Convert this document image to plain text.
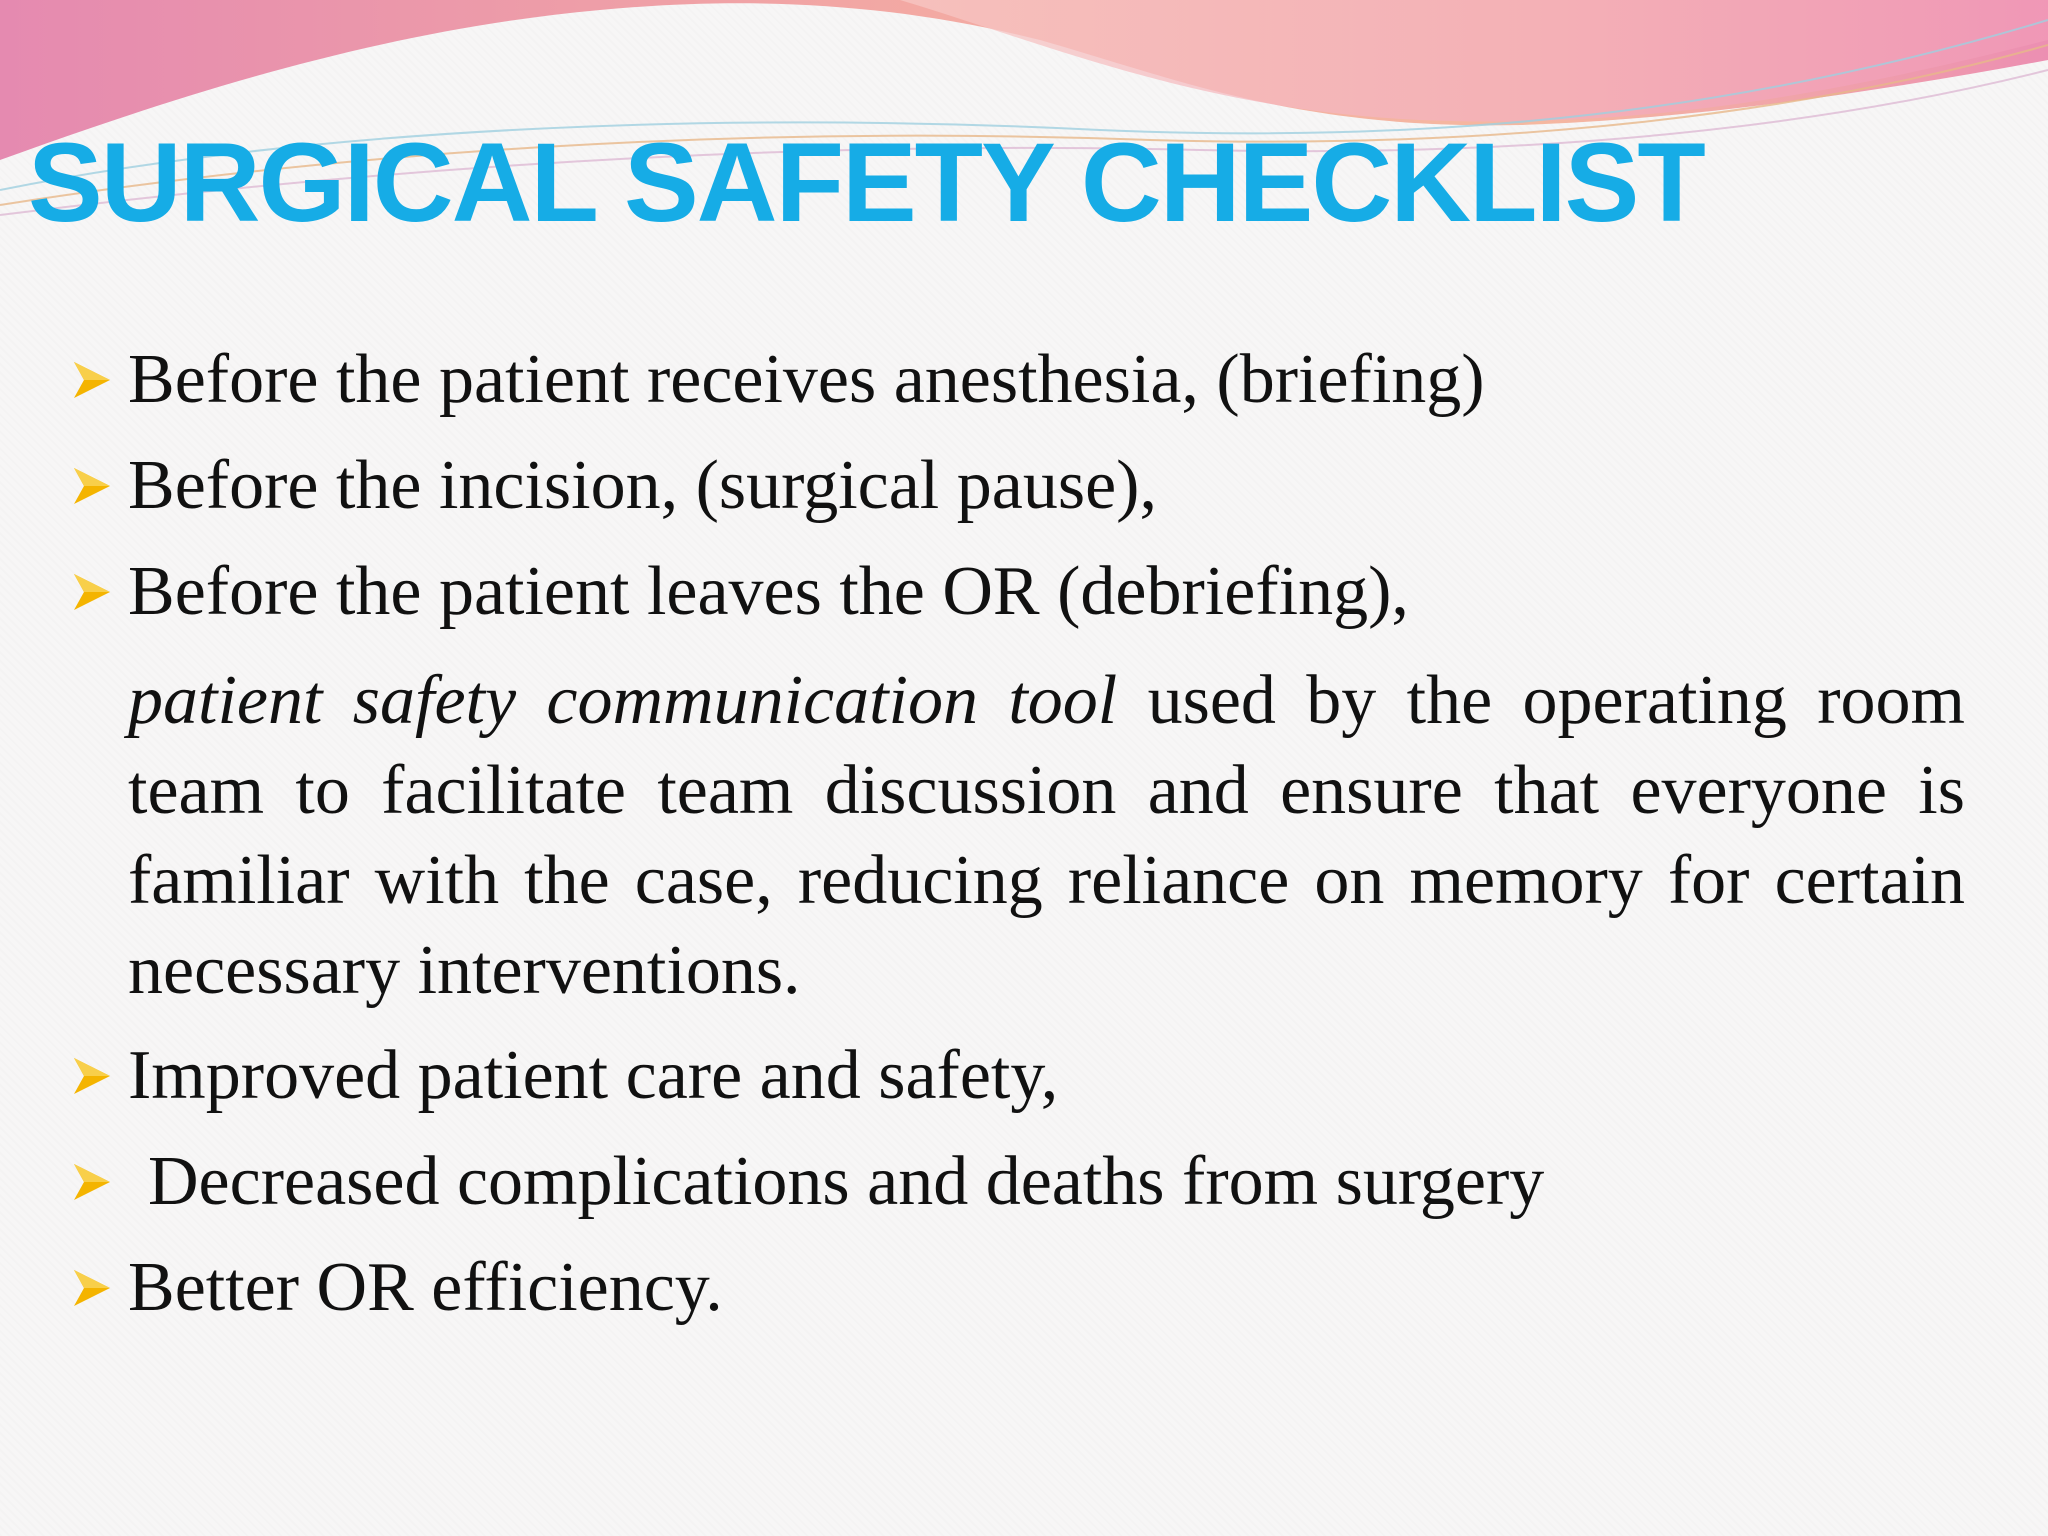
SURGICAL SAFETY CHECKLIST
Before the patient receives anesthesia, (briefing)
Before the incision, (surgical pause),
Before the patient leaves the OR (debriefing),

patient safety communication tool used by the operating room team to facilitate team discussion and ensure that everyone is familiar with the case, reducing reliance on memory for certain necessary interventions.

Improved patient care and safety,
Decreased complications and deaths from surgery
Better OR efficiency.
